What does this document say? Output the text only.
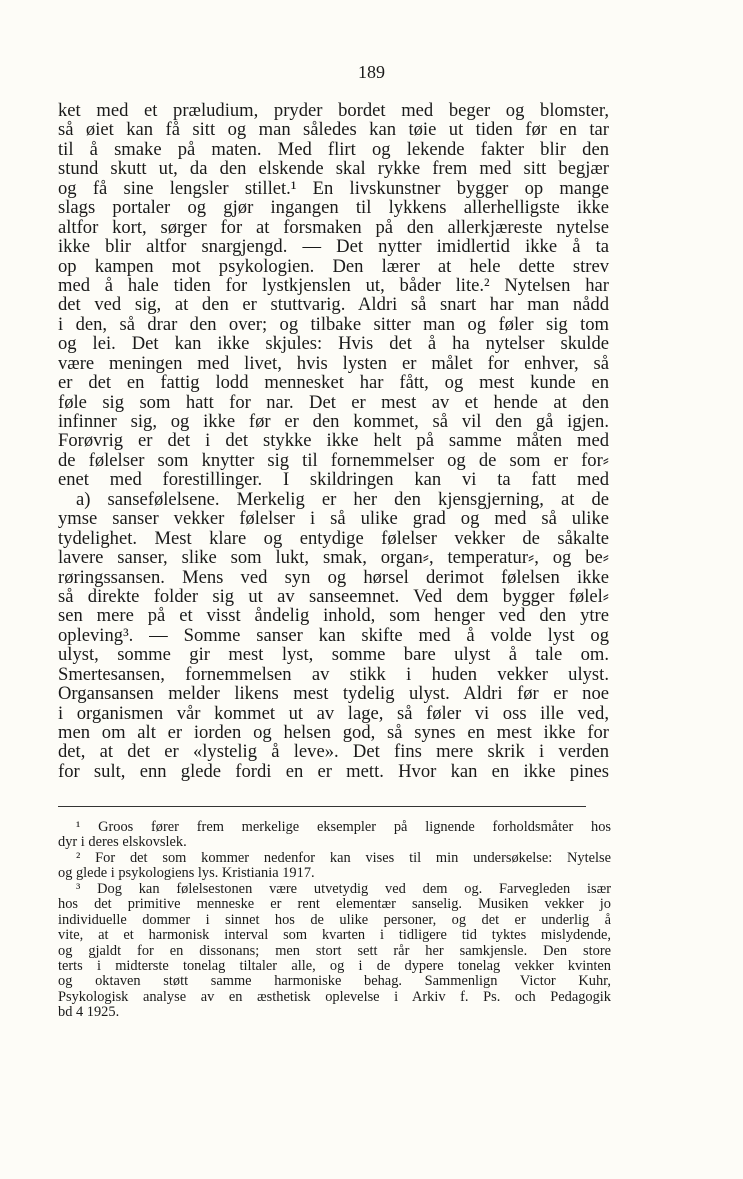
189
ket med et præludium, pryder bordet med beger og blomster,
så øiet kan få sitt og man således kan tøie ut tiden før en tar
til å smake på maten. Med flirt og lekende fakter blir den
stund skutt ut, da den elskende skal rykke frem med sitt begjær
og få sine lengsler stillet.¹ En livskunstner bygger op mange
slags portaler og gjør ingangen til lykkens allerhelligste ikke
altfor kort, sørger for at forsmaken på den allerkjæreste nytelse
ikke blir altfor snargjengd. — Det nytter imidlertid ikke å ta
op kampen mot psykologien. Den lærer at hele dette strev
med å hale tiden for lystkjenslen ut, båder lite.² Nytelsen har
det ved sig, at den er stuttvarig. Aldri så snart har man nådd
i den, så drar den over; og tilbake sitter man og føler sig tom
og lei. Det kan ikke skjules: Hvis det å ha nytelser skulde
være meningen med livet, hvis lysten er målet for enhver, så
er det en fattig lodd mennesket har fått, og mest kunde en
føle sig som hatt for nar. Det er mest av et hende at den
infinner sig, og ikke før er den kommet, så vil den gå igjen.
Forøvrig er det i det stykke ikke helt på samme måten med
de følelser som knytter sig til fornemmelser og de som er for⸗
enet med forestillinger. I skildringen kan vi ta fatt med
a) sansefølelsene. Merkelig er her den kjensgjerning, at de
ymse sanser vekker følelser i så ulike grad og med så ulike
tydelighet. Mest klare og entydige følelser vekker de såkalte
lavere sanser, slike som lukt, smak, organ⸗, temperatur⸗, og be⸗
røringssansen. Mens ved syn og hørsel derimot følelsen ikke
så direkte folder sig ut av sanseemnet. Ved dem bygger følel⸗
sen mere på et visst åndelig inhold, som henger ved den ytre
opleving³. — Somme sanser kan skifte med å volde lyst og
ulyst, somme gir mest lyst, somme bare ulyst å tale om.
Smertesansen, fornemmelsen av stikk i huden vekker ulyst.
Organsansen melder likens mest tydelig ulyst. Aldri før er noe
i organismen vår kommet ut av lage, så føler vi oss ille ved,
men om alt er iorden og helsen god, så synes en mest ikke for
det, at det er «lystelig å leve». Det fins mere skrik i verden
for sult, enn glede fordi en er mett. Hvor kan en ikke pines
¹ Groos fører frem merkelige eksempler på lignende forholdsmåter hos
dyr i deres elskovslek.
² For det som kommer nedenfor kan vises til min undersøkelse: Nytelse
og glede i psykologiens lys. Kristiania 1917.
³ Dog kan følelsestonen være utvetydig ved dem og. Farvegleden især
hos det primitive menneske er rent elementær sanselig. Musiken vekker jo
individuelle dommer i sinnet hos de ulike personer, og det er underlig å
vite, at et harmonisk interval som kvarten i tidligere tid tyktes mislydende,
og gjaldt for en dissonans; men stort sett rår her samkjensle. Den store
terts i midterste tonelag tiltaler alle, og i de dypere tonelag vekker kvinten
og oktaven støtt samme harmoniske behag. Sammenlign Victor Kuhr,
Psykologisk analyse av en æsthetisk oplevelse i Arkiv f. Ps. och Pedagogik
bd 4 1925.
